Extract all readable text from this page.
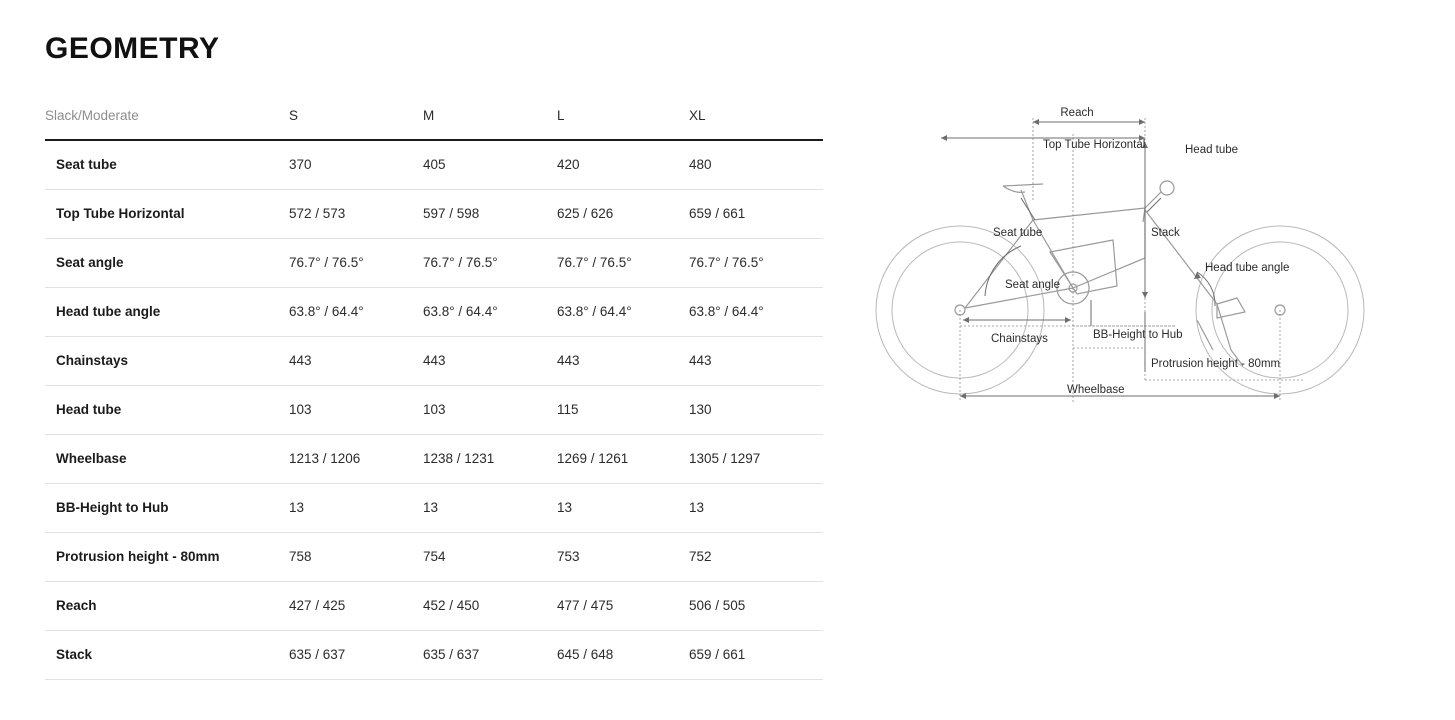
GEOMETRY
Slack/Moderate	S	M	L	XL
Seat tube	370	405	420	480
Top Tube Horizontal	572 / 573	597 / 598	625 / 626	659 / 661
Seat angle	76.7° / 76.5°	76.7° / 76.5°	76.7° / 76.5°	76.7° / 76.5°
Head tube angle	63.8° / 64.4°	63.8° / 64.4°	63.8° / 64.4°	63.8° / 64.4°
Chainstays	443	443	443	443
Head tube	103	103	115	130
Wheelbase	1213 / 1206	1238 / 1231	1269 / 1261	1305 / 1297
BB-Height to Hub	13	13	13	13
Protrusion height - 80mm	758	754	753	752
Reach	427 / 425	452 / 450	477 / 475	506 / 505
Stack	635 / 637	635 / 637	645 / 648	659 / 661
Reach
Top Tube Horizontal	Head tube
Seat tube	Stack
Head tube angle
Seat angle
BB-Height to Hub
Chainstays
Protrusion height - 80mm
Wheelbase
